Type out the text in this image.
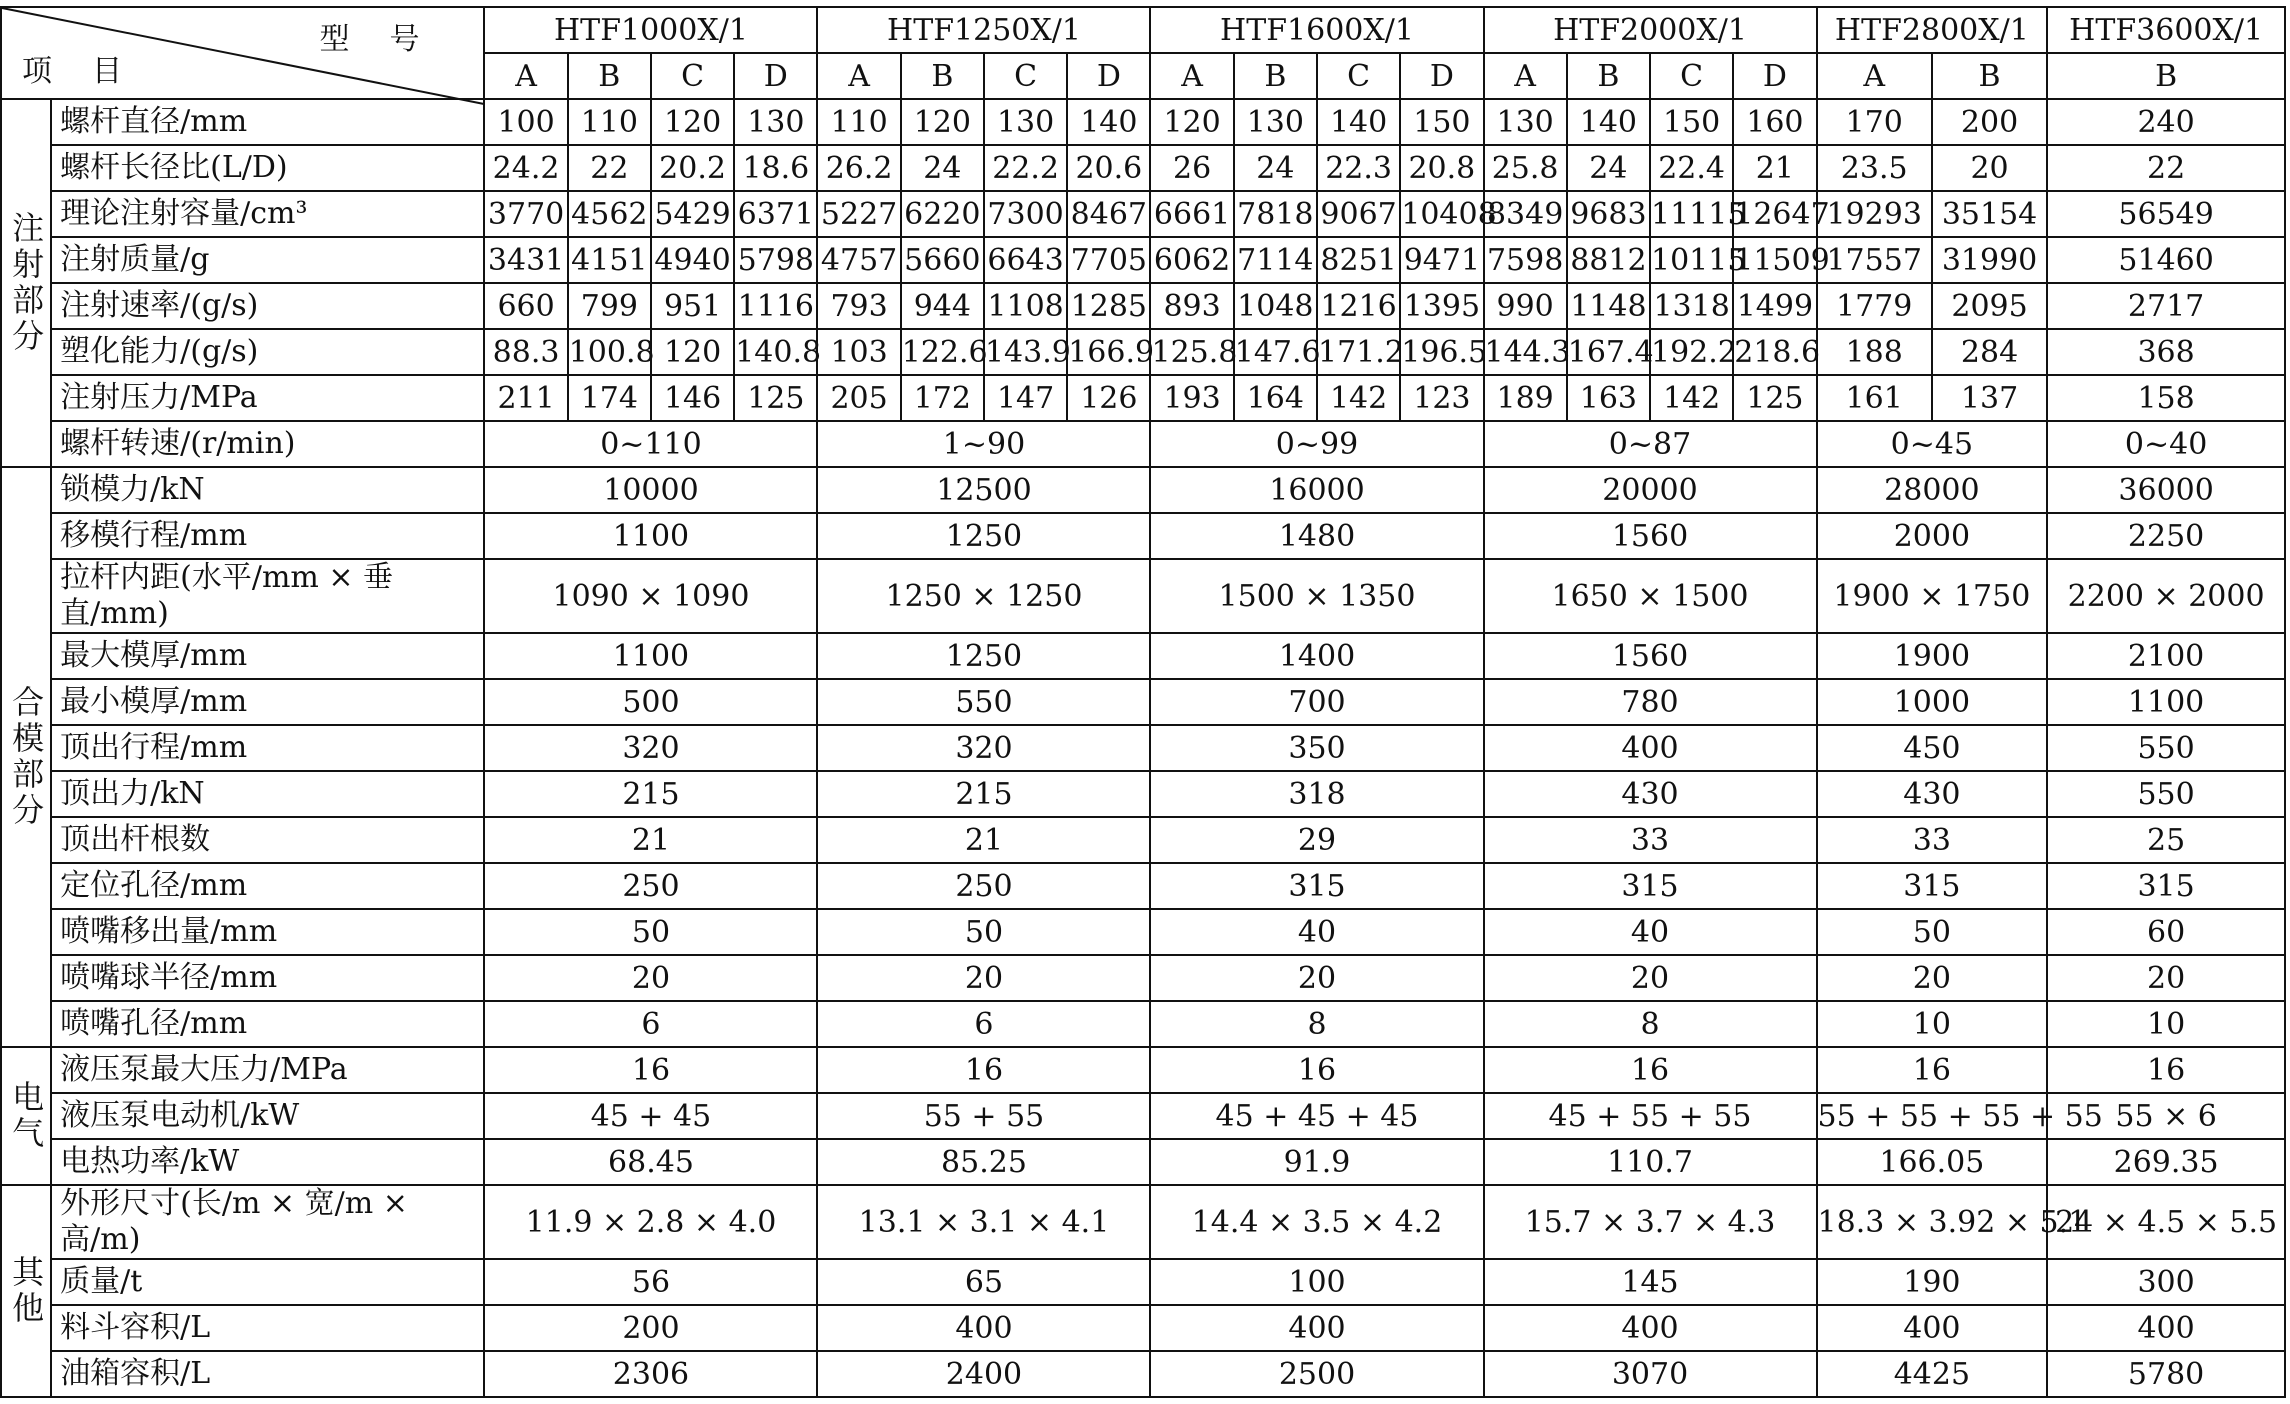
型号
项目		HTF1000X/1				HTF1250X/1				HTF1600X/1				HTF2000X/1				HTF2800X/1		HTF3600X/1
		A	B	C	D	A	B	C	D	A	B	C	D	A	B	C	D	A	B	B
注射部分	螺杆直径/mm	100	110	120	130	110	120	130	140	120	130	140	150	130	140	150	160	170	200	240
	螺杆长径比(L/D)	24.2	22	20.2	18.6	26.2	24	22.2	20.6	26	24	22.3	20.8	25.8	24	22.4	21	23.5	20	22
	理论注射容量/cm³	3770	4562	5429	6371	5227	6220	7300	8467	6661	7818	9067	10408	8349	9683	11115	12647	19293	35154	56549
	注射质量/g	3431	4151	4940	5798	4757	5660	6643	7705	6062	7114	8251	9471	7598	8812	10115	11509	17557	31990	51460
	注射速率/(g/s)	660	799	951	1116	793	944	1108	1285	893	1048	1216	1395	990	1148	1318	1499	1779	2095	2717
	塑化能力/(g/s)	88.3	100.8	120	140.8	103	122.6	143.9	166.9	125.8	147.6	171.2	196.5	144.3	167.4	192.2	218.6	188	284	368
	注射压力/MPa	211	174	146	125	205	172	147	126	193	164	142	123	189	163	142	125	161	137	158
	螺杆转速/(r/min)	0~110				1~90				0~99				0~87				0~45		0~40
合模部分	锁模力/kN	10000				12500				16000				20000				28000		36000
	移模行程/mm	1100				1250				1480				1560				2000		2250
	拉杆内距(水平/mm × 垂直/mm)	1090 × 1090				1250 × 1250				1500 × 1350				1650 × 1500				1900 × 1750		2200 × 2000
	最大模厚/mm	1100				1250				1400				1560				1900		2100
	最小模厚/mm	500				550				700				780				1000		1100
	顶出行程/mm	320				320				350				400				450		550
	顶出力/kN	215				215				318				430				430		550
	顶出杆根数	21				21				29				33				33		25
	定位孔径/mm	250				250				315				315				315		315
	喷嘴移出量/mm	50				50				40				40				50		60
	喷嘴球半径/mm	20				20				20				20				20		20
	喷嘴孔径/mm	6				6				8				8				10		10
电气	液压泵最大压力/MPa	16				16				16				16				16		16
	液压泵电动机/kW	45 + 45				55 + 55				45 + 45 + 45				45 + 55 + 55				55 + 55 + 55 + 55		55 × 6
	电热功率/kW	68.45				85.25				91.9				110.7				166.05		269.35
其他	外形尺寸(长/m × 宽/m × 高/m)	11.9 × 2.8 × 4.0				13.1 × 3.1 × 4.1				14.4 × 3.5 × 4.2				15.7 × 3.7 × 4.3				18.3 × 3.92 × 5.1		24 × 4.5 × 5.5
	质量/t	56				65				100				145				190		300
	料斗容积/L	200				400				400				400				400		400
	油箱容积/L	2306				2400				2500				3070				4425		5780
